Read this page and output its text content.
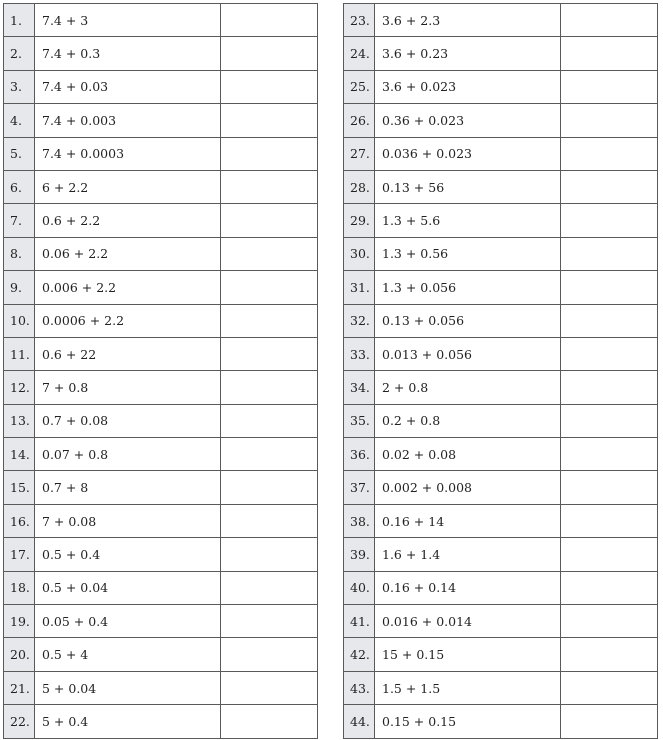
1.	7.4 + 3	
2.	7.4 + 0.3	
3.	7.4 + 0.03	
4.	7.4 + 0.003	
5.	7.4 + 0.0003	
6.	6 + 2.2	
7.	0.6 + 2.2	
8.	0.06 + 2.2	
9.	0.006 + 2.2	
10.	0.0006 + 2.2	
11.	0.6 + 22	
12.	7 + 0.8	
13.	0.7 + 0.08	
14.	0.07 + 0.8	
15.	0.7 + 8	
16.	7 + 0.08	
17.	0.5 + 0.4	
18.	0.5 + 0.04	
19.	0.05 + 0.4	
20.	0.5 + 4	
21.	5 + 0.04	
22.	5 + 0.4	
23.	3.6 + 2.3	
24.	3.6 + 0.23	
25.	3.6 + 0.023	
26.	0.36 + 0.023	
27.	0.036 + 0.023	
28.	0.13 + 56	
29.	1.3 + 5.6	
30.	1.3 + 0.56	
31.	1.3 + 0.056	
32.	0.13 + 0.056	
33.	0.013 + 0.056	
34.	2 + 0.8	
35.	0.2 + 0.8	
36.	0.02 + 0.08	
37.	0.002 + 0.008	
38.	0.16 + 14	
39.	1.6 + 1.4	
40.	0.16 + 0.14	
41.	0.016 + 0.014	
42.	15 + 0.15	
43.	1.5 + 1.5	
44.	0.15 + 0.15	
